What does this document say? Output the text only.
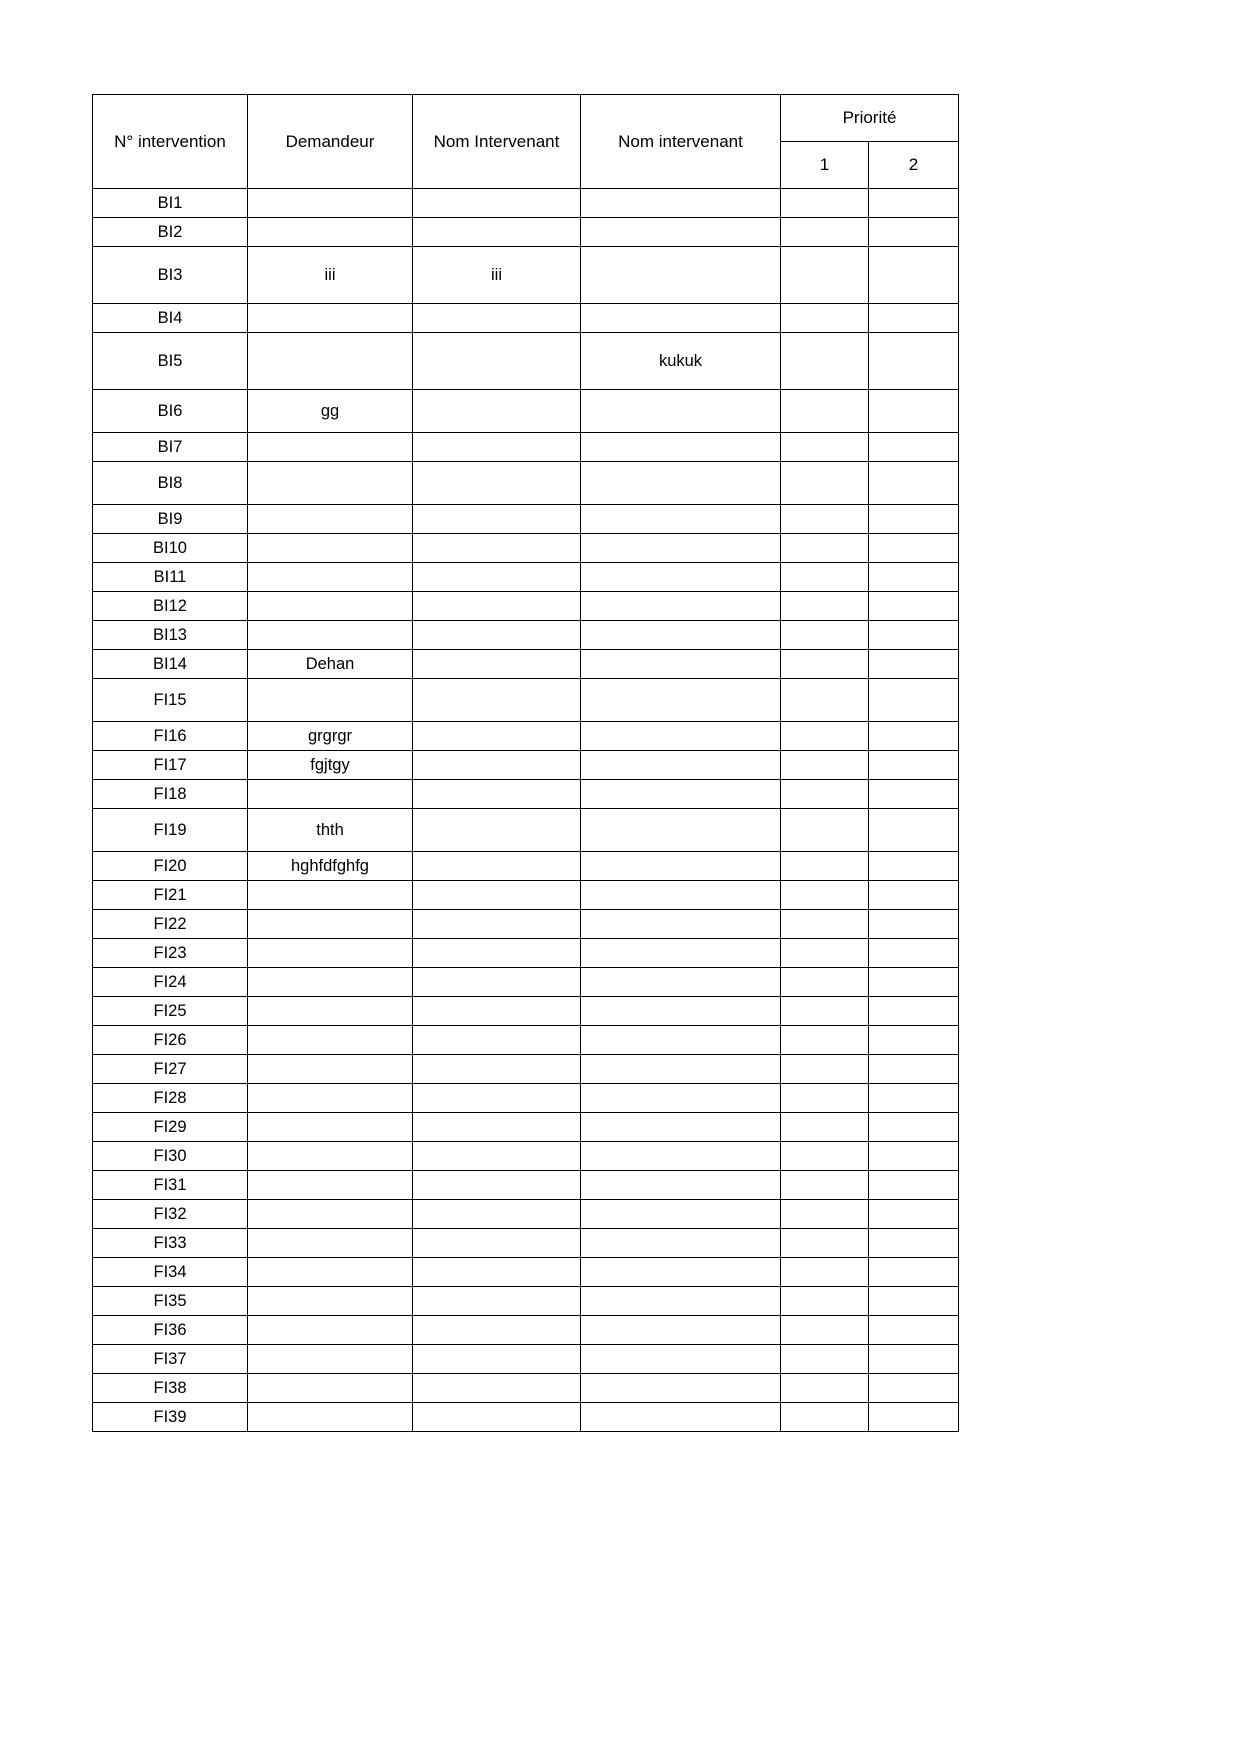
N° intervention	Demandeur	Nom Intervenant	Nom intervenant	Priorité	
				1	2
BI1					
BI2					
BI3	iii	iii			
BI4					
BI5			kukuk		
BI6	gg				
BI7					
BI8					
BI9					
BI10					
BI11					
BI12					
BI13					
BI14	Dehan				
FI15					
FI16	grgrgr				
FI17	fgjtgy				
FI18					
FI19	thth				
FI20	hghfdfghfg				
FI21					
FI22					
FI23					
FI24					
FI25					
FI26					
FI27					
FI28					
FI29					
FI30					
FI31					
FI32					
FI33					
FI34					
FI35					
FI36					
FI37					
FI38					
FI39					
